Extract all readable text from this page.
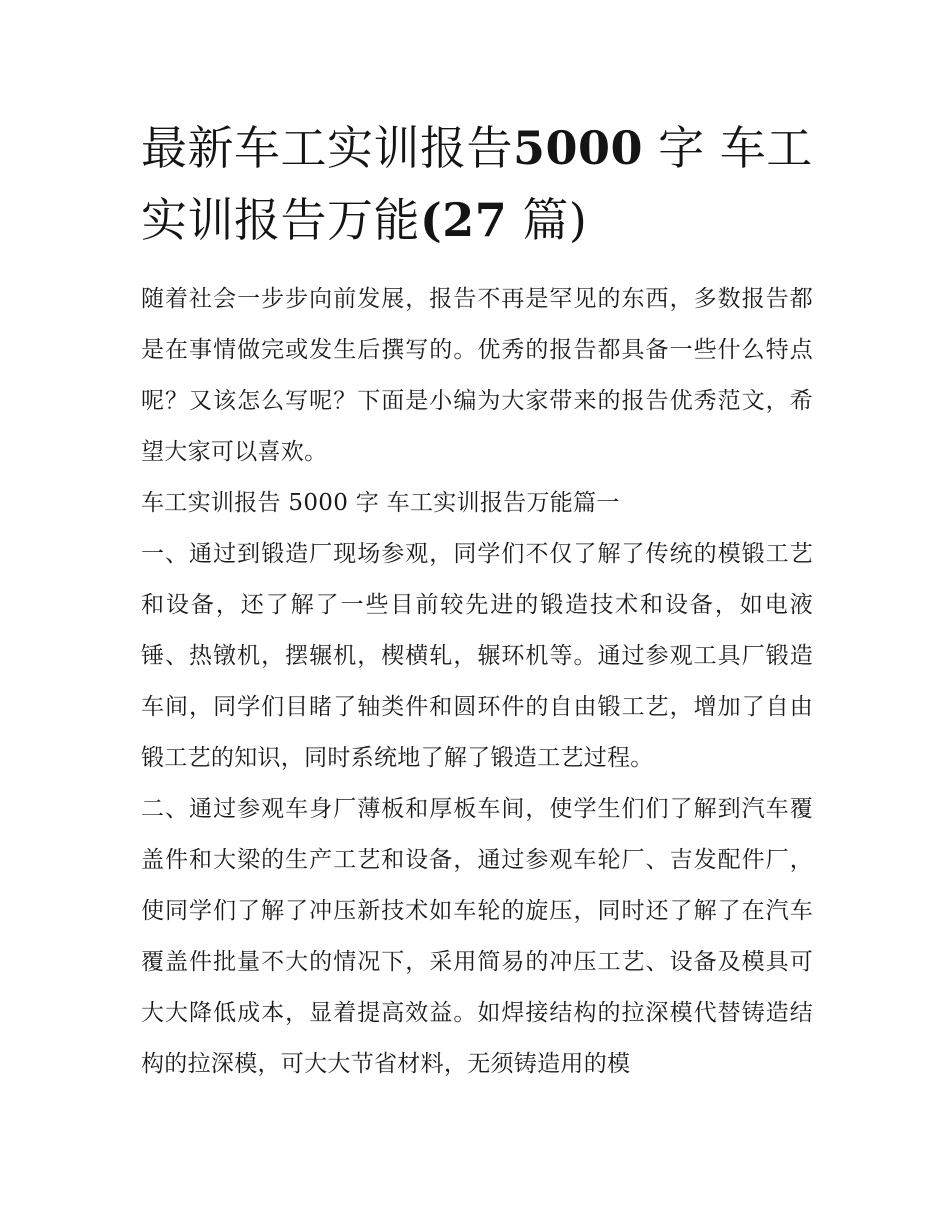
最新车工实训报告5000 字 车工实训报告万能(27 篇)

随着社会一步步向前发展，报告不再是罕见的东西，多数报告都是在事情做完或发生后撰写的。优秀的报告都具备一些什么特点呢？又该怎么写呢？下面是小编为大家带来的报告优秀范文，希望大家可以喜欢。

车工实训报告 5000 字 车工实训报告万能篇一

一、通过到锻造厂现场参观，同学们不仅了解了传统的模锻工艺和设备，还了解了一些目前较先进的锻造技术和设备，如电液锤、热镦机，摆辗机，楔横轧，辗环机等。通过参观工具厂锻造车间，同学们目睹了轴类件和圆环件的自由锻工艺，增加了自由锻工艺的知识，同时系统地了解了锻造工艺过程。

二、通过参观车身厂薄板和厚板车间，使学生们们了解到汽车覆盖件和大梁的生产工艺和设备，通过参观车轮厂、吉发配件厂，使同学们了解了冲压新技术如车轮的旋压，同时还了解了在汽车覆盖件批量不大的情况下，采用简易的冲压工艺、设备及模具可大大降低成本，显着提高效益。如焊接结构的拉深模代替铸造结构的拉深模，可大大节省材料，无须铸造用的模
